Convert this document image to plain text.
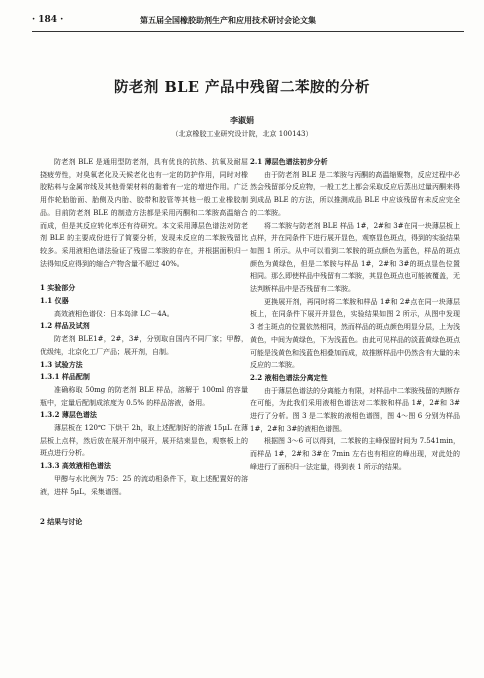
· 184 ·	第五届全国橡胶助剂生产和应用技术研讨会论文集
防老剂 BLE 产品中残留二苯胺的分析
李淑娟
（北京橡胶工业研究设计院，北京 100143）

防老剂 BLE 是通用型防老剂，具有优良的抗热、抗氧及耐屈挠疲劳性，对臭氧老化及天候老化也有一定的防护作用，同时对橡胶粘料与金属帘线及其他骨架材料的黏着有一定的增进作用。广泛用作轮胎胎面、胎侧及内胎、胶带和胶管等其他一般工业橡胶制品。目前防老剂 BLE 的制造方法都是采用丙酮和二苯胺高温缩合而成，但是其反应转化率还有待研究。本文采用薄层色谱法对防老剂 BLE 的主要成份进行了简要分析，发现未反应的二苯胺残留比较多。采用液相色谱法验证了残留二苯胺的存在，并根据面积归一法得知反应得到的缩合产物含量不超过 40%。

1 实验部分

1.1 仪器

高效液相色谱仪：日本岛津 LC－4A。

1.2 样品及试剂

防老剂 BLE1#，2#，3#，分别取自国内不同厂家；甲醇，优级纯，北京化工厂产品；展开剂，自制。

1.3 试验方法

1.3.1 样品配制

准确称取 50mg 的防老剂 BLE 样品，溶解于 100ml 的容量瓶中，定量后配制成浓度为 0.5% 的样品溶液，备用。

1.3.2 薄层色谱法

薄层板在 120℃ 下烘干 2h，取上述配制好的溶液 15μL 在薄层板上点样，然后放在展开剂中展开，展开结束显色，观察板上的斑点进行分析。

1.3.3 高效液相色谱法

甲醇与水比例为 75：25 的流动相条件下，取上述配置好的溶液，进样 5μL，采集谱图。

2 结果与讨论

2.1 薄层色谱法初步分析

由于防老剂 BLE 是二苯胺与丙酮的高温缩聚物，反应过程中必然会残留部分反应物，一般工艺上都会采取反应后蒸出过量丙酮来得到成品 BLE 的方法，所以推测成品 BLE 中应该残留有未反应完全的二苯胺。

将二苯胺与防老剂 BLE 样品 1#，2#和 3#在同一块薄层板上点样，并在同条件下进行展开显色，观察显色斑点，得到的实验结果如图 1 所示。从中可以看到二苯胺的斑点颜色为蓝色，样品的斑点颜色为黄绿色，但是二苯胺与样品 1#，2#和 3#的斑点显色位置相同。那么即使样品中残留有二苯胺，其显色斑点也可能被覆盖，无法判断样品中是否残留有二苯胺。

更换展开剂，再同时将二苯胺和样品 1#和 2#点在同一块薄层板上，在同条件下展开并显色，实验结果如图 2 所示，从图中发现 3 者主斑点的位置依然相同，然而样品的斑点颜色明显分层，上为浅黄色，中间为黄绿色，下为浅蓝色。由此可见样品的淡蓝黄绿色斑点可能是浅黄色和浅蓝色相叠加而成，故推断样品中仍然含有大量的未反应的二苯胺。

2.2 液相色谱法分离定性

由于薄层色谱法的分离能力有限，对样品中二苯胺残留的判断存在可能，为此我们采用液相色谱法对二苯胺和样品 1#，2#和 3#进行了分析。图 3 是二苯胺的液相色谱图，图 4～图 6 分别为样品 1#，2#和 3#的液相色谱图。

根据图 3～6 可以得到，二苯胺的主峰保留时间为 7.541min，而样品 1#，2#和 3#在 7min 左右也有相应的峰出现，对此处的峰进行了面积归一法定量，得到表 1 所示的结果。
